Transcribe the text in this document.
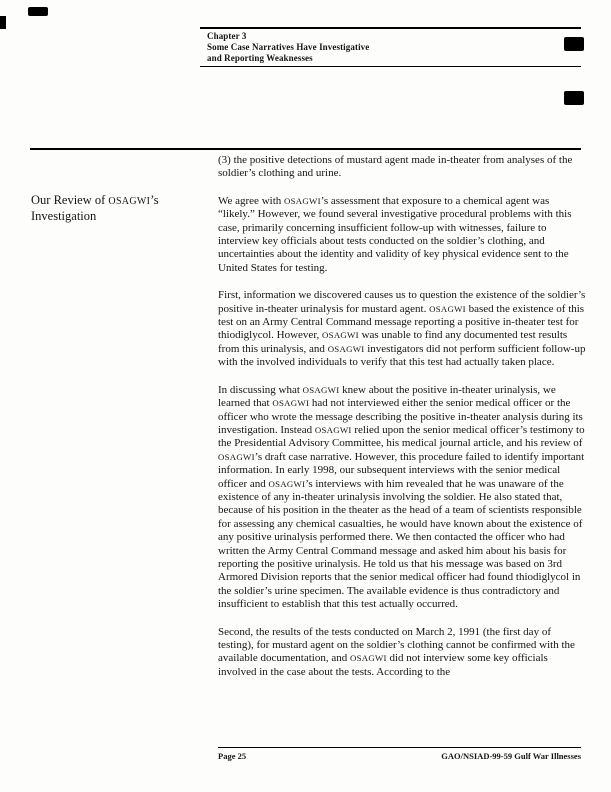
Chapter 3
Some Case Narratives Have Investigative
and Reporting Weaknesses
Our Review of OSAGWI’s Investigation

(3) the positive detections of mustard agent made in-theater from analyses of the soldier’s clothing and urine.

We agree with OSAGWI’s assessment that exposure to a chemical agent was “likely.” However, we found several investigative procedural problems with this case, primarily concerning insufficient follow-up with witnesses, failure to interview key officials about tests conducted on the soldier’s clothing, and uncertainties about the identity and validity of key physical evidence sent to the United States for testing.

First, information we discovered causes us to question the existence of the soldier’s positive in-theater urinalysis for mustard agent. OSAGWI based the existence of this test on an Army Central Command message reporting a positive in-theater test for thiodiglycol. However, OSAGWI was unable to find any documented test results from this urinalysis, and OSAGWI investigators did not perform sufficient follow-up with the involved individuals to verify that this test had actually taken place.

In discussing what OSAGWI knew about the positive in-theater urinalysis, we learned that OSAGWI had not interviewed either the senior medical officer or the officer who wrote the message describing the positive in-theater analysis during its investigation. Instead OSAGWI relied upon the senior medical officer’s testimony to the Presidential Advisory Committee, his medical journal article, and his review of OSAGWI’s draft case narrative. However, this procedure failed to identify important information. In early 1998, our subsequent interviews with the senior medical officer and OSAGWI’s interviews with him revealed that he was unaware of the existence of any in-theater urinalysis involving the soldier. He also stated that, because of his position in the theater as the head of a team of scientists responsible for assessing any chemical casualties, he would have known about the existence of any positive urinalysis performed there. We then contacted the officer who had written the Army Central Command message and asked him about his basis for reporting the positive urinalysis. He told us that his message was based on 3rd Armored Division reports that the senior medical officer had found thiodiglycol in the soldier’s urine specimen. The available evidence is thus contradictory and insufficient to establish that this test actually occurred.

Second, the results of the tests conducted on March 2, 1991 (the first day of testing), for mustard agent on the soldier’s clothing cannot be confirmed with the available documentation, and OSAGWI did not interview some key officials involved in the case about the tests. According to the

Page 25	GAO/NSIAD-99-59 Gulf War Illnesses
